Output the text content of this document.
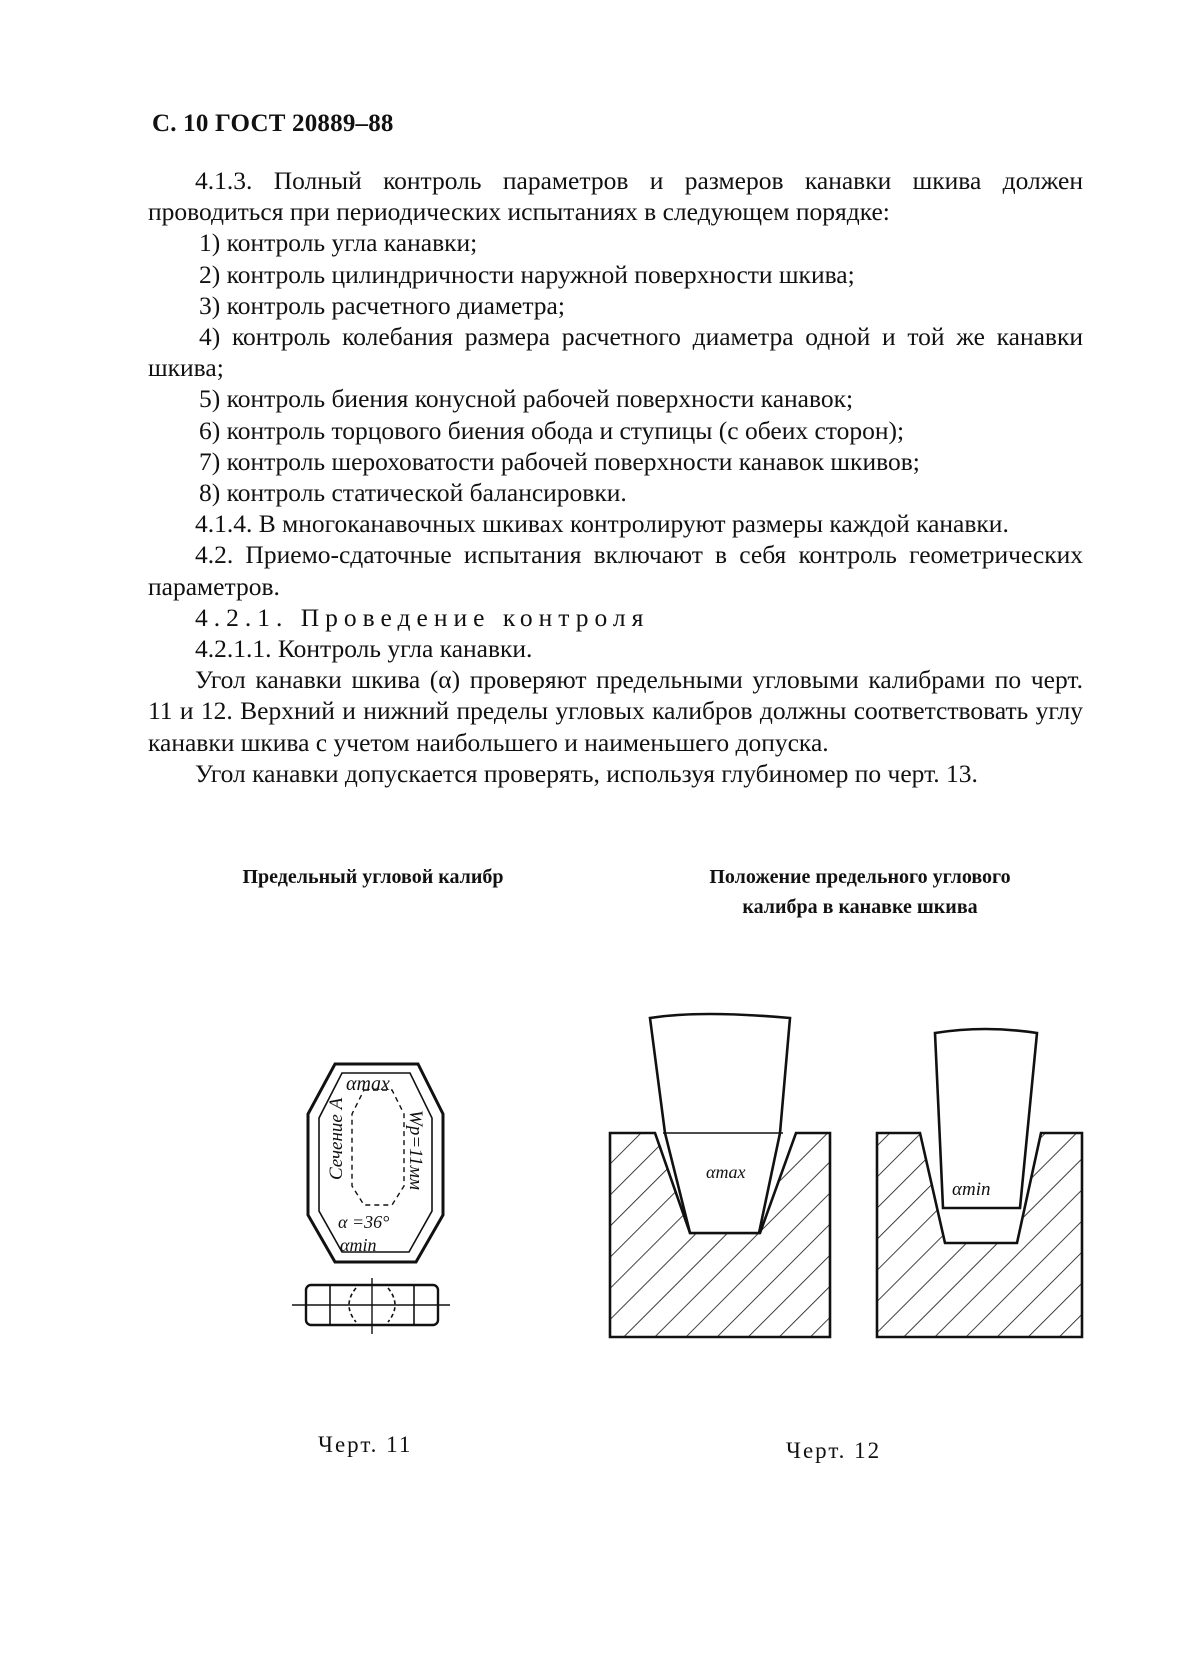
С. 10 ГОСТ 20889–88

4.1.3. Полный контроль параметров и размеров канавки шкива должен проводиться при периодических испытаниях в следующем порядке:

1) контроль угла канавки;

2) контроль цилиндричности наружной поверхности шкива;

3) контроль расчетного диаметра;

4) контроль колебания размера расчетного диаметра одной и той же канавки шкива;

5) контроль биения конусной рабочей поверхности канавок;

6) контроль торцового биения обода и ступицы (с обеих сторон);

7) контроль шероховатости рабочей поверхности канавок шкивов;

8) контроль статической балансировки.

4.1.4. В многоканавочных шкивах контролируют размеры каждой канавки.

4.2. Приемо-сдаточные испытания включают в себя контроль геометрических параметров.

4.2.1. Проведение контроля

4.2.1.1. Контроль угла канавки.

Угол канавки шкива (α) проверяют предельными угловыми калибрами по черт. 11 и 12. Верхний и нижний пределы угловых калибров должны соответствовать углу канавки шкива с учетом наибольшего и наименьшего допуска.

Угол канавки допускается проверять, используя глубиномер по черт. 13.

Предельный угловой калибр	Положение предельного углового
калибра в канавке шкива
αmax
Сечение А	Wp=11мм
α =36°
αmin
αmax
αmin
Черт. 11	Черт. 12
